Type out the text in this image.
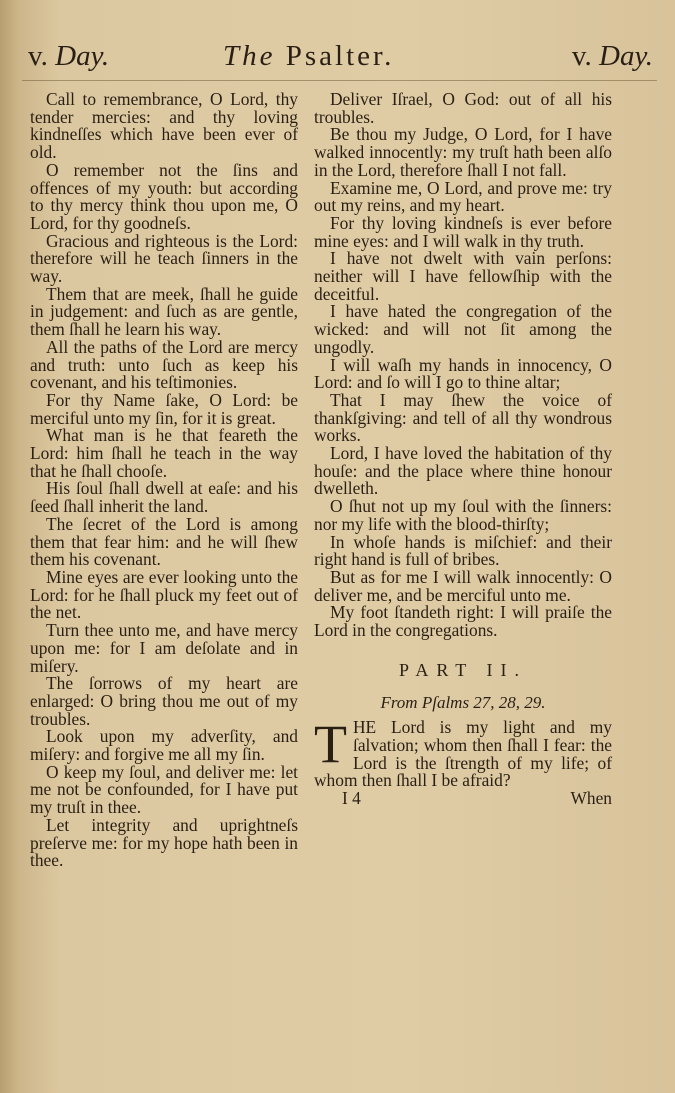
v. Day.	The Psalter.	v. Day.

Call to remembrance, O Lord, thy tender mercies: and thy loving kindneſſes which have been ever of old.

O remember not the ſins and offences of my youth: but according to thy mercy think thou upon me, O Lord, for thy goodneſs.

Gracious and righteous is the Lord: therefore will he teach ſinners in the way.

Them that are meek, ſhall he guide in judgement: and ſuch as are gentle, them ſhall he learn his way.

All the paths of the Lord are mercy and truth: unto ſuch as keep his covenant, and his teſtimonies.

For thy Name ſake, O Lord: be merciful unto my ſin, for it is great.

What man is he that feareth the Lord: him ſhall he teach in the way that he ſhall chooſe.

His ſoul ſhall dwell at eaſe: and his ſeed ſhall inherit the land.

The ſecret of the Lord is among them that fear him: and he will ſhew them his covenant.

Mine eyes are ever looking unto the Lord: for he ſhall pluck my feet out of the net.

Turn thee unto me, and have mercy upon me: for I am deſolate and in miſery.

The ſorrows of my heart are enlarged: O bring thou me out of my troubles.

Look upon my adverſity, and miſery: and forgive me all my ſin.

O keep my ſoul, and deliver me: let me not be confounded, for I have put my truſt in thee.

Let integrity and uprightneſs preſerve me: for my hope hath been in thee.

Deliver Iſrael, O God: out of all his troubles.

Be thou my Judge, O Lord, for I have walked innocently: my truſt hath been alſo in the Lord, therefore ſhall I not fall.

Examine me, O Lord, and prove me: try out my reins, and my heart.

For thy loving kindneſs is ever before mine eyes: and I will walk in thy truth.

I have not dwelt with vain perſons: neither will I have fellowſhip with the deceitful.

I have hated the congregation of the wicked: and will not ſit among the ungodly.

I will waſh my hands in innocency, O Lord: and ſo will I go to thine altar;

That I may ſhew the voice of thankſgiving: and tell of all thy wondrous works.

Lord, I have loved the habitation of thy houſe: and the place where thine honour dwelleth.

O ſhut not up my ſoul with the ſinners: nor my life with the blood-thirſty;

In whoſe hands is miſchief: and their right hand is full of bribes.

But as for me I will walk innocently: O deliver me, and be merciful unto me.

My foot ſtandeth right: I will praiſe the Lord in the congregations.

PART II.
From Pſalms 27, 28, 29.

T HE Lord is my light and my ſalvation; whom then ſhall I fear: the Lord is the ſtrength of my life; of whom then ſhall I be afraid?

I 4	When
